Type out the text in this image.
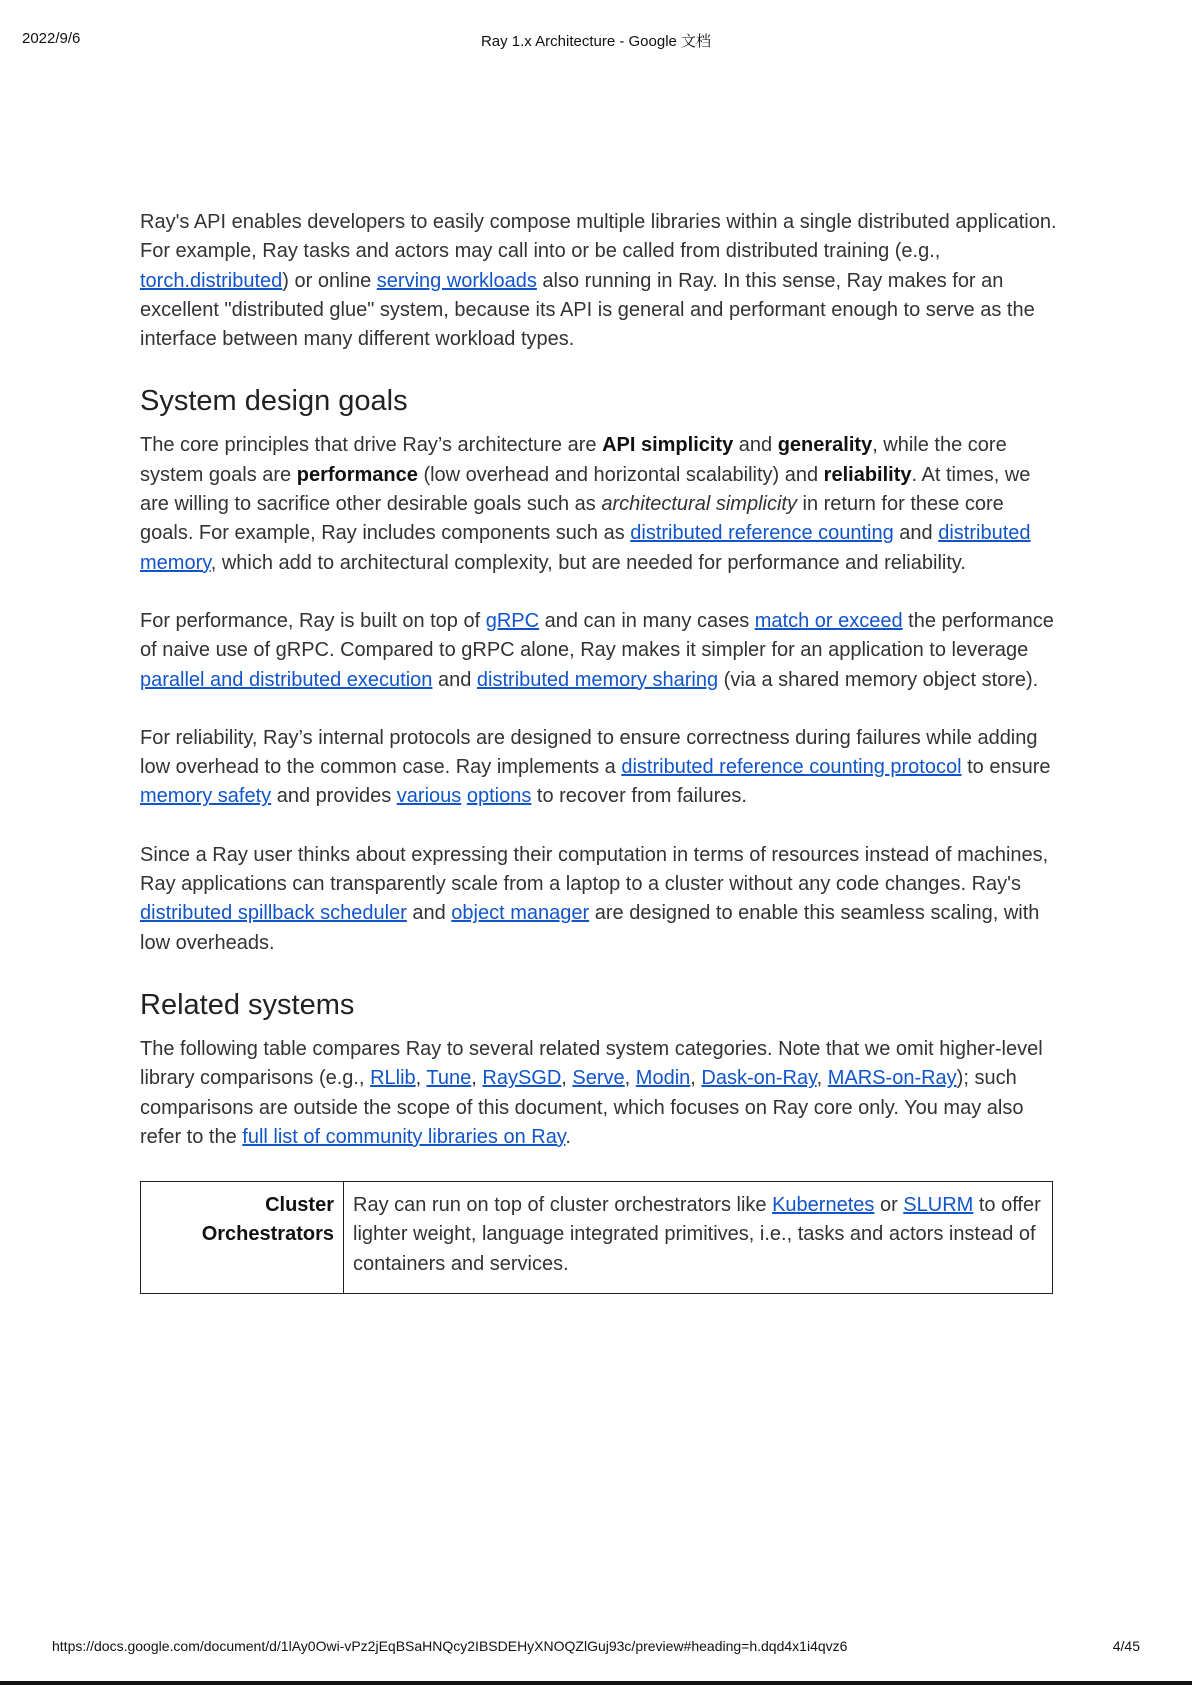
2022/9/6	Ray 1.x Architecture - Google 文档

Ray's API enables developers to easily compose multiple libraries within a single distributed application. For example, Ray tasks and actors may call into or be called from distributed training (e.g., torch.distributed) or online serving workloads also running in Ray. In this sense, Ray makes for an excellent "distributed glue" system, because its API is general and performant enough to serve as the interface between many different workload types.

System design goals

The core principles that drive Ray’s architecture are API simplicity and generality, while the core system goals are performance (low overhead and horizontal scalability) and reliability. At times, we are willing to sacrifice other desirable goals such as architectural simplicity in return for these core goals. For example, Ray includes components such as distributed reference counting and distributed memory, which add to architectural complexity, but are needed for performance and reliability.

For performance, Ray is built on top of gRPC and can in many cases match or exceed the performance of naive use of gRPC. Compared to gRPC alone, Ray makes it simpler for an application to leverage parallel and distributed execution and distributed memory sharing (via a shared memory object store).

For reliability, Ray’s internal protocols are designed to ensure correctness during failures while adding low overhead to the common case. Ray implements a distributed reference counting protocol to ensure memory safety and provides various options to recover from failures.

Since a Ray user thinks about expressing their computation in terms of resources instead of machines, Ray applications can transparently scale from a laptop to a cluster without any code changes. Ray's distributed spillback scheduler and object manager are designed to enable this seamless scaling, with low overheads.

Related systems

The following table compares Ray to several related system categories. Note that we omit higher-level library comparisons (e.g., RLlib, Tune, RaySGD, Serve, Modin, Dask-on-Ray, MARS-on-Ray); such comparisons are outside the scope of this document, which focuses on Ray core only. You may also refer to the full list of community libraries on Ray.

Cluster Orchestrators	Ray can run on top of cluster orchestrators like Kubernetes or SLURM to offer lighter weight, language integrated primitives, i.e., tasks and actors instead of containers and services.
https://docs.google.com/document/d/1lAy0Owi-vPz2jEqBSaHNQcy2IBSDEHyXNOQZlGuj93c/preview#heading=h.dqd4x1i4qvz6	4/45
